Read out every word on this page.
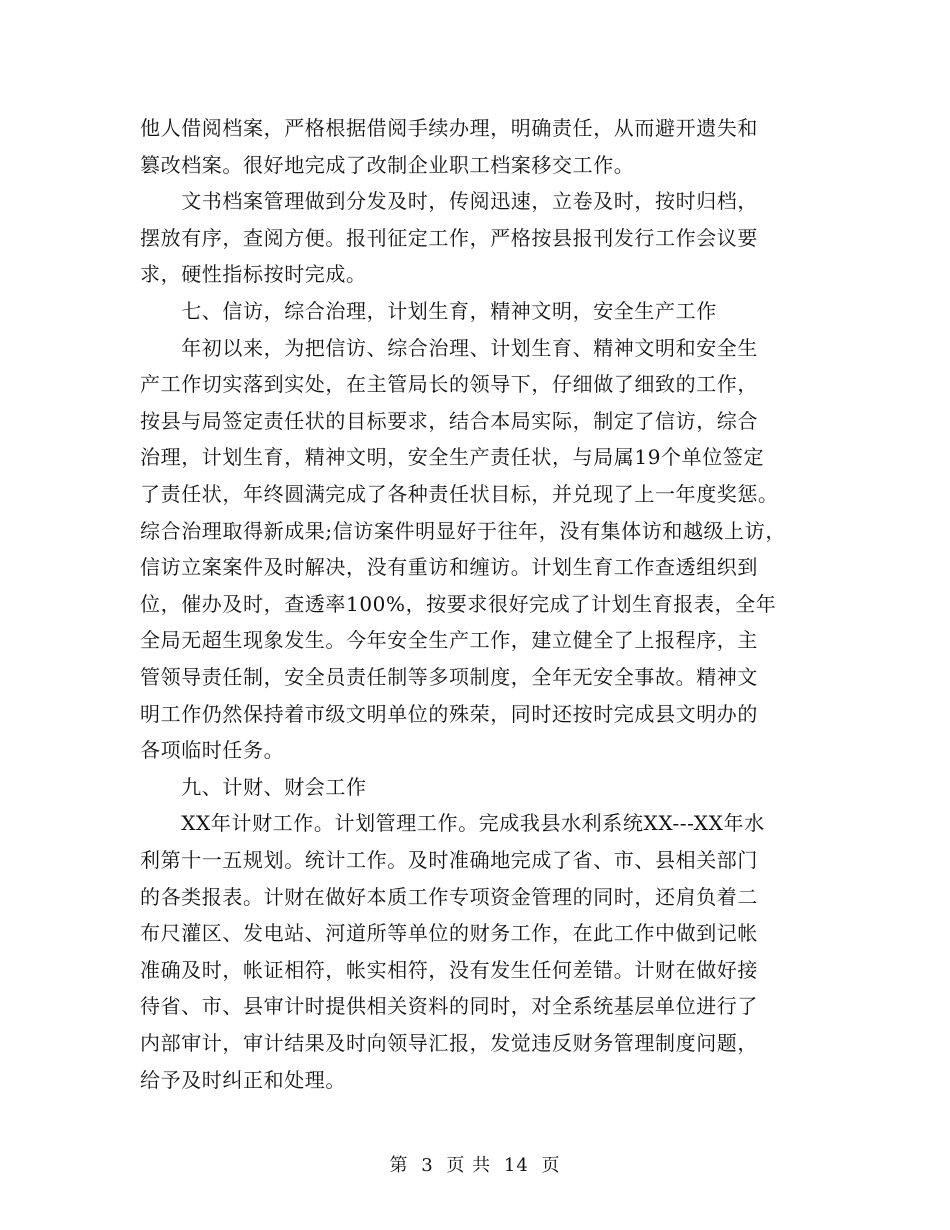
他人借阅档案，严格根据借阅手续办理，明确责任，从而避开遗失和
篡改档案。很好地完成了改制企业职工档案移交工作。
　　文书档案管理做到分发及时，传阅迅速，立卷及时，按时归档，
摆放有序，查阅方便。报刊征定工作，严格按县报刊发行工作会议要
求，硬性指标按时完成。
　　七、信访，综合治理，计划生育，精神文明，安全生产工作
　　年初以来，为把信访、综合治理、计划生育、精神文明和安全生
产工作切实落到实处，在主管局长的领导下，仔细做了细致的工作，
按县与局签定责任状的目标要求，结合本局实际，制定了信访，综合
治理，计划生育，精神文明，安全生产责任状，与局属19个单位签定
了责任状，年终圆满完成了各种责任状目标，并兑现了上一年度奖惩。
综合治理取得新成果;信访案件明显好于往年，没有集体访和越级上访，
信访立案案件及时解决，没有重访和缠访。计划生育工作查透组织到
位，催办及时，查透率100%，按要求很好完成了计划生育报表，全年
全局无超生现象发生。今年安全生产工作，建立健全了上报程序，主
管领导责任制，安全员责任制等多项制度，全年无安全事故。精神文
明工作仍然保持着市级文明单位的殊荣，同时还按时完成县文明办的
各项临时任务。
　　九、计财、财会工作
　　XX年计财工作。计划管理工作。完成我县水利系统XX---XX年水
利第十一五规划。统计工作。及时准确地完成了省、市、县相关部门
的各类报表。计财在做好本质工作专项资金管理的同时，还肩负着二
布尺灌区、发电站、河道所等单位的财务工作，在此工作中做到记帐
准确及时，帐证相符，帐实相符，没有发生任何差错。计财在做好接
待省、市、县审计时提供相关资料的同时，对全系统基层单位进行了
内部审计，审计结果及时向领导汇报，发觉违反财务管理制度问题，
给予及时纠正和处理。
第 3 页 共 14 页
